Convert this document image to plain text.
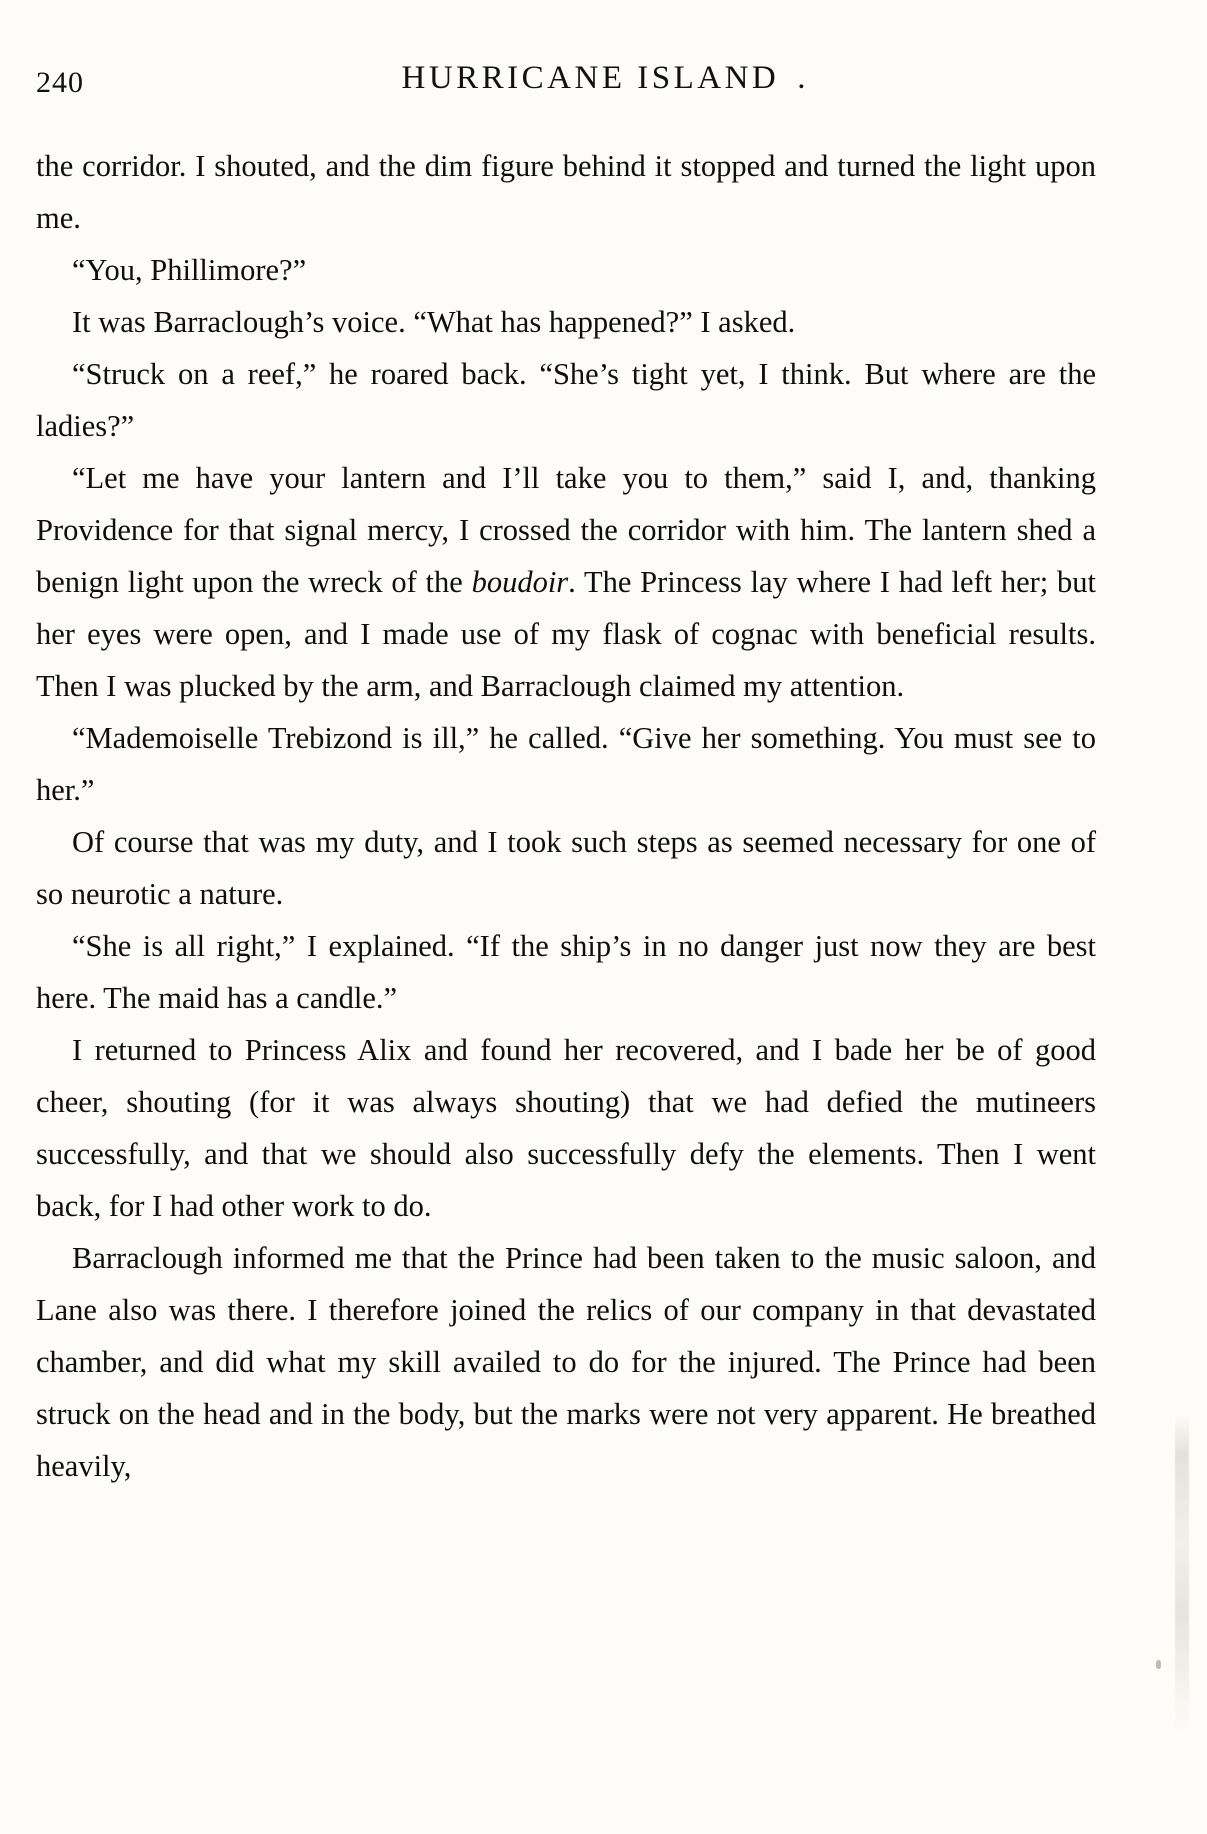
240	HURRICANE ISLAND .

the corridor. I shouted, and the dim figure behind it stopped and turned the light upon me.

“You, Phillimore?”

It was Barraclough’s voice. “What has happened?” I asked.

“Struck on a reef,” he roared back. “She’s tight yet, I think. But where are the ladies?”

“Let me have your lantern and I’ll take you to them,” said I, and, thanking Providence for that signal mercy, I crossed the corridor with him. The lantern shed a benign light upon the wreck of the boudoir. The Princess lay where I had left her; but her eyes were open, and I made use of my flask of cognac with beneficial results. Then I was plucked by the arm, and Barraclough claimed my attention.

“Mademoiselle Trebizond is ill,” he called. “Give her something. You must see to her.”

Of course that was my duty, and I took such steps as seemed necessary for one of so neurotic a nature.

“She is all right,” I explained. “If the ship’s in no danger just now they are best here. The maid has a candle.”

I returned to Princess Alix and found her recovered, and I bade her be of good cheer, shouting (for it was always shouting) that we had defied the mutineers successfully, and that we should also successfully defy the elements. Then I went back, for I had other work to do.

Barraclough informed me that the Prince had been taken to the music saloon, and Lane also was there. I therefore joined the relics of our company in that devastated chamber, and did what my skill availed to do for the injured. The Prince had been struck on the head and in the body, but the marks were not very apparent. He breathed heavily,
